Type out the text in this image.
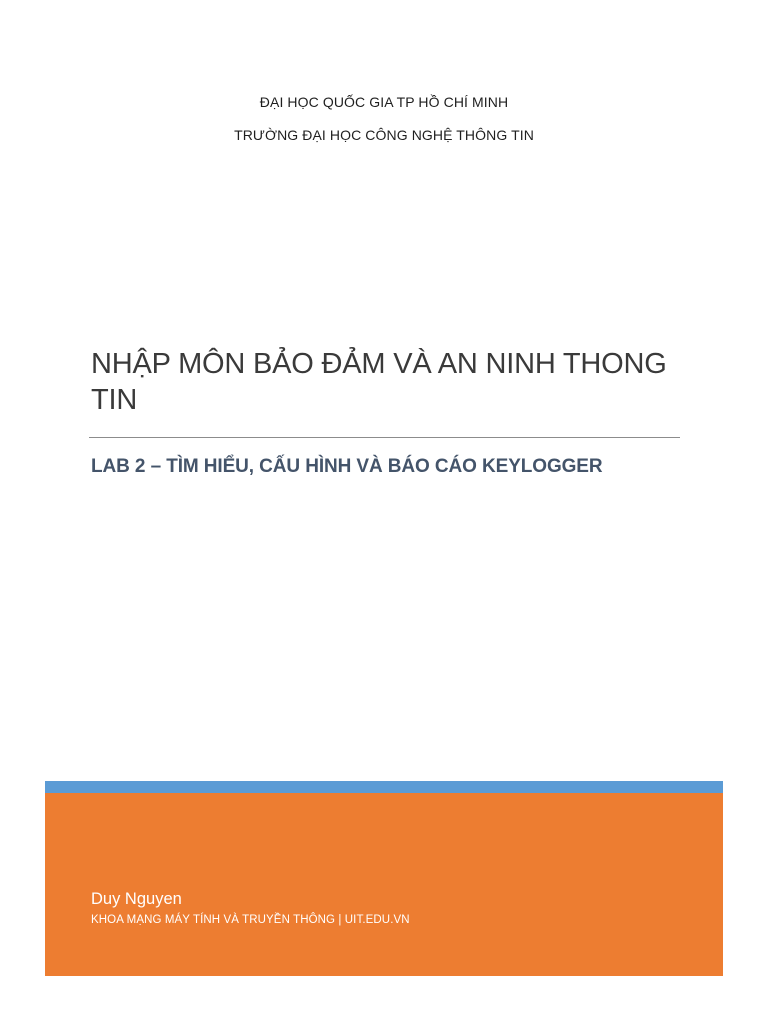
ĐẠI HỌC QUỐC GIA TP HỒ CHÍ MINH
TRƯỜNG ĐẠI HỌC CÔNG NGHỆ THÔNG TIN
NHẬP MÔN BẢO ĐẢM VÀ AN NINH THONG TIN
LAB 2 – TÌM HIỂU, CẤU HÌNH VÀ BÁO CÁO KEYLOGGER
Duy Nguyen
KHOA MẠNG MÁY TÍNH VÀ TRUYỀN THÔNG | UIT.EDU.VN
